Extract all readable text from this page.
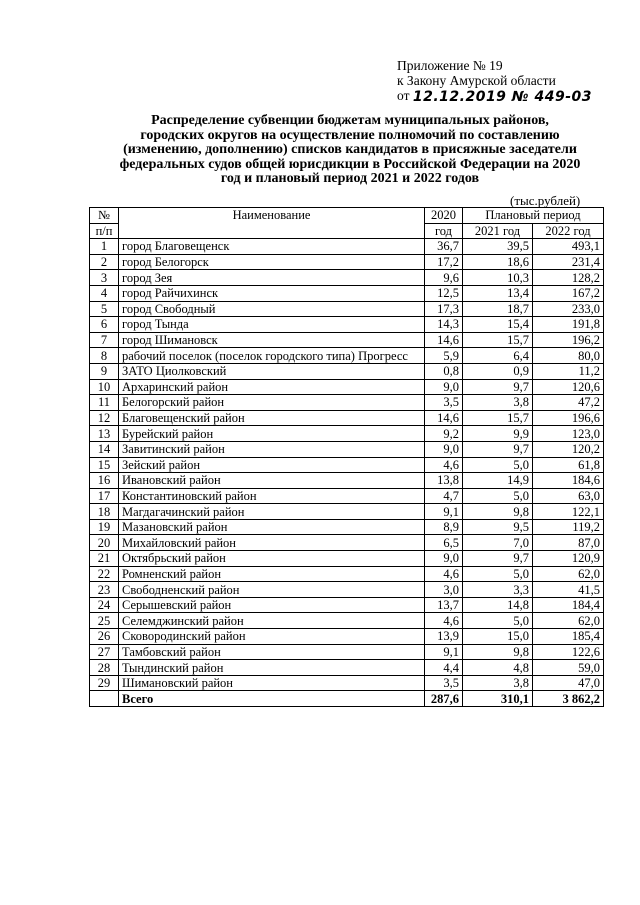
Приложение № 19
к Закону Амурской области
от 12.12.2019 № 449-03
Распределение субвенции бюджетам муниципальных районов,
городских округов на осуществление полномочий по составлению
(изменению, дополнению) списков кандидатов в присяжные заседатели
федеральных судов общей юрисдикции в Российской Федерации на 2020
год и плановый период 2021 и 2022 годов
(тыс.рублей)
№	Наименование	2020	Плановый период	
п/п		год	2021 год	2022 год
1	город Благовещенск	36,7	39,5	493,1
2	город Белогорск	17,2	18,6	231,4
3	город Зея	9,6	10,3	128,2
4	город Райчихинск	12,5	13,4	167,2
5	город Свободный	17,3	18,7	233,0
6	город Тында	14,3	15,4	191,8
7	город Шимановск	14,6	15,7	196,2
8	рабочий поселок (поселок городского типа) Прогресс	5,9	6,4	80,0
9	ЗАТО Циолковский	0,8	0,9	11,2
10	Архаринский район	9,0	9,7	120,6
11	Белогорский район	3,5	3,8	47,2
12	Благовещенский район	14,6	15,7	196,6
13	Бурейский район	9,2	9,9	123,0
14	Завитинский район	9,0	9,7	120,2
15	Зейский район	4,6	5,0	61,8
16	Ивановский район	13,8	14,9	184,6
17	Константиновский район	4,7	5,0	63,0
18	Магдагачинский район	9,1	9,8	122,1
19	Мазановский район	8,9	9,5	119,2
20	Михайловский район	6,5	7,0	87,0
21	Октябрьский район	9,0	9,7	120,9
22	Ромненский район	4,6	5,0	62,0
23	Свободненский район	3,0	3,3	41,5
24	Серышевский район	13,7	14,8	184,4
25	Селемджинский район	4,6	5,0	62,0
26	Сковородинский район	13,9	15,0	185,4
27	Тамбовский район	9,1	9,8	122,6
28	Тындинский район	4,4	4,8	59,0
29	Шимановский район	3,5	3,8	47,0
	Всего	287,6	310,1	3 862,2
